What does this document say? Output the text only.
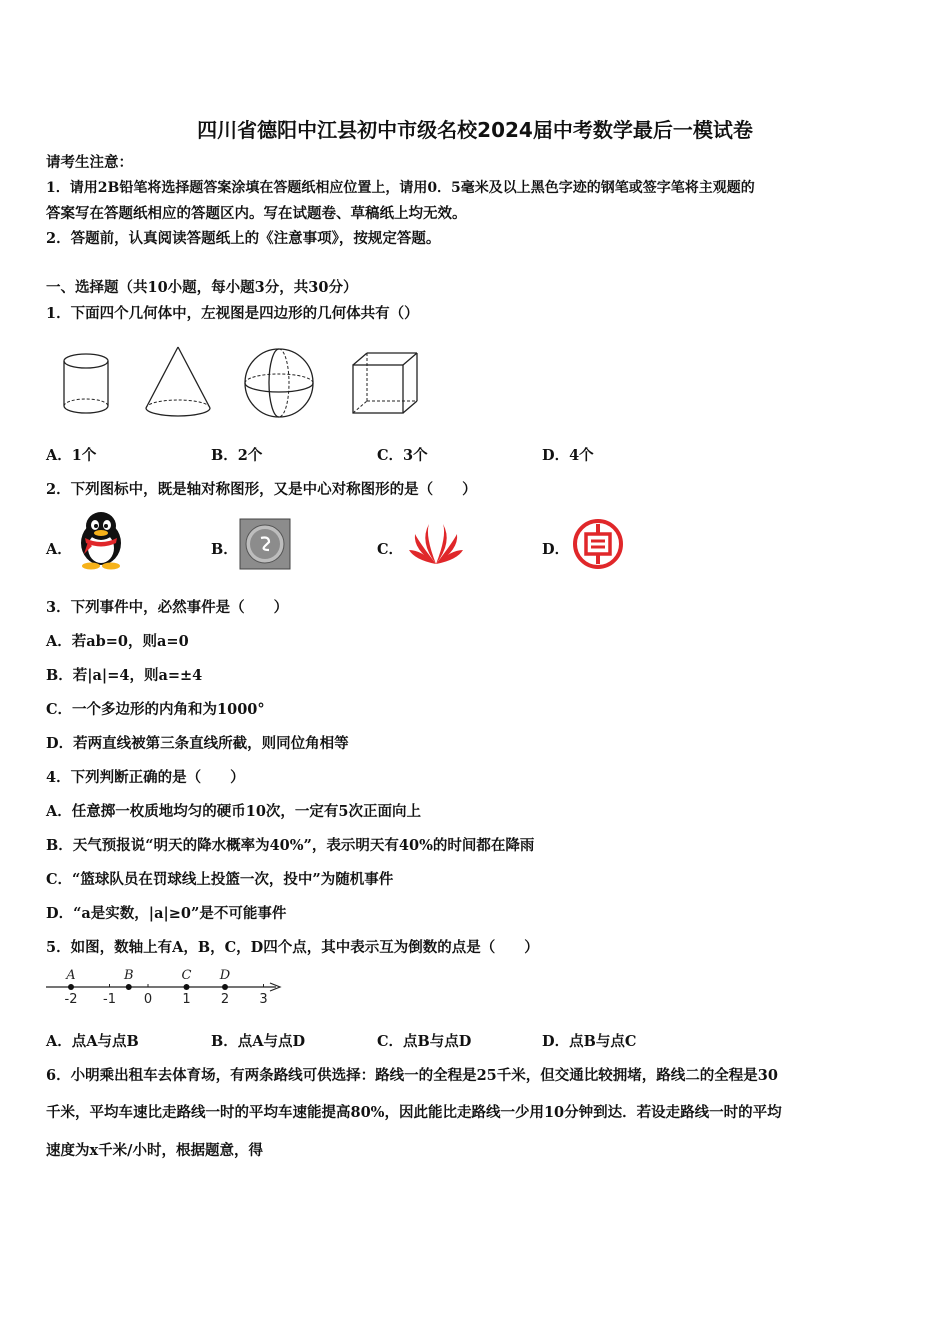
四川省德阳中江县初中市级名校2024届中考数学最后一模试卷
请考生注意：
1．请用2B铅笔将选择题答案涂填在答题纸相应位置上，请用0．5毫米及以上黑色字迹的钢笔或签字笔将主观题的
答案写在答题纸相应的答题区内。写在试题卷、草稿纸上均无效。
2．答题前，认真阅读答题纸上的《注意事项》，按规定答题。
一、选择题（共10小题，每小题3分，共30分）
1．下面四个几何体中，左视图是四边形的几何体共有（）
A．1个	B．2个	C．3个	D．4个
2．下列图标中，既是轴对称图形，又是中心对称图形的是（　　）
A．	B．	C．	D．
3．下列事件中，必然事件是（　　）
A．若ab=0，则a=0
B．若|a|=4，则a=±4
C．一个多边形的内角和为1000°
D．若两直线被第三条直线所截，则同位角相等
4．下列判断正确的是（　　）
A．任意掷一枚质地均匀的硬币10次，一定有5次正面向上
B．天气预报说“明天的降水概率为40%”，表示明天有40%的时间都在降雨
C．“篮球队员在罚球线上投篮一次，投中”为随机事件
D．“a是实数，|a|≥0”是不可能事件
5．如图，数轴上有A，B，C，D四个点，其中表示互为倒数的点是（　　）
-2 -1 0 1 2 3
A	B	C D
A．点A与点B	B．点A与点D	C．点B与点D	D．点B与点C
6．小明乘出租车去体育场，有两条路线可供选择：路线一的全程是25千米，但交通比较拥堵，路线二的全程是30
千米，平均车速比走路线一时的平均车速能提高80%，因此能比走路线一少用10分钟到达．若设走路线一时的平均
速度为x千米/小时，根据题意，得
